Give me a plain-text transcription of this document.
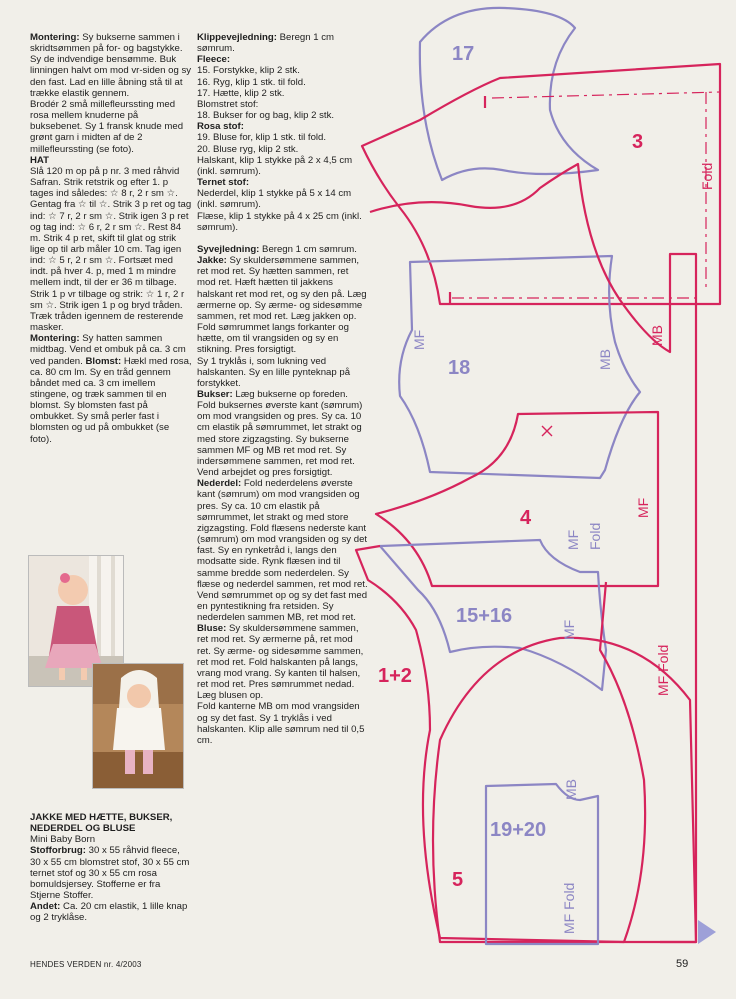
Montering: Sy bukserne sammen i skridtsømmen på for- og bagstykke. Sy de indvendige bensømme. Buk linningen halvt om mod vr-siden og sy den fast. Lad en lille åbning stå til at trække elastik gennem.
Brodér 2 små millefleurssting med rosa mellem knuderne på buksebenet. Sy 1 fransk knude med grønt garn i midten af de 2 millefleurssting (se foto).
HAT
Slå 120 m op på p nr. 3 med råhvid Safran. Strik retstrik og efter 1. p tages ind således: ☆ 8 r, 2 r sm ☆. Gentag fra ☆ til ☆. Strik 3 p ret og tag ind: ☆ 7 r, 2 r sm ☆. Strik igen 3 p ret og tag ind: ☆ 6 r, 2 r sm ☆. Rest 84 m. Strik 4 p ret, skift til glat og strik lige op til arb måler 10 cm. Tag igen ind: ☆ 5 r, 2 r sm ☆. Fortsæt med indt. på hver 4. p, med 1 m mindre mellem indt, til der er 36 m tilbage. Strik 1 p vr tilbage og strik: ☆ 1 r, 2 r sm ☆. Strik igen 1 p og bryd tråden. Træk tråden igennem de resterende masker.
Montering: Sy hatten sammen midtbag. Vend et ombuk på ca. 3 cm ved panden. Blomst: Hækl med rosa, ca. 80 cm lm. Sy en tråd gennem båndet med ca. 3 cm imellem stingene, og træk sammen til en blomst. Sy blomsten fast på ombukket. Sy små perler fast i blomsten og ud på ombukket (se foto).
JAKKE MED HÆTTE, BUKSER, NEDERDEL OG BLUSE
Mini Baby Born
Stofforbrug: 30 x 55 råhvid fleece, 30 x 55 cm blomstret stof, 30 x 55 cm ternet stof og 30 x 55 cm rosa bomuldsjersey. Stofferne er fra Stjerne Stoffer.
Andet: Ca. 20 cm elastik, 1 lille knap og 2 tryklåse.
Klippevejledning: Beregn 1 cm sømrum.
Fleece:
15. Forstykke, klip 2 stk.
16. Ryg, klip 1 stk. til fold.
17. Hætte, klip 2 stk.
Blomstret stof:
18. Bukser for og bag, klip 2 stk.
Rosa stof:
19. Bluse for, klip 1 stk. til fold.
20. Bluse ryg, klip 2 stk.
Halskant, klip 1 stykke på 2 x 4,5 cm (inkl. sømrum).
Ternet stof:
Nederdel, klip 1 stykke på 5 x 14 cm (inkl. sømrum).
Flæse, klip 1 stykke på 4 x 25 cm (inkl. sømrum).

Syvejledning: Beregn 1 cm sømrum.
Jakke: Sy skuldersømmene sammen, ret mod ret. Sy hætten sammen, ret mod ret. Hæft hætten til jakkens halskant ret mod ret, og sy den på. Læg ærmerne op. Sy ærme- og sidesømme sammen, ret mod ret. Læg jakken op. Fold sømrummet langs forkanter og hætte, om til vrangsiden og sy en stikning. Pres forsigtigt.
Sy 1 tryklås i, som lukning ved halskanten. Sy en lille pynteknap på forstykket.
Bukser: Læg bukserne op foreden. Fold buksernes øverste kant (sømrum) om mod vrangsiden og pres. Sy ca. 10 cm elastik på sømrummet, let strakt og med store zigzagsting. Sy bukserne sammen MF og MB ret mod ret. Sy indersømmene sammen, ret mod ret. Vend arbejdet og pres forsigtigt.
Nederdel: Fold nederdelens øverste kant (sømrum) om mod vrangsiden og pres. Sy ca. 10 cm elastik på sømrummet, let strakt og med store zigzagsting. Fold flæsens nederste kant (sømrum) om mod vrangsiden og sy det fast. Sy en rynketråd i, langs den modsatte side. Rynk flæsen ind til samme bredde som nederdelen. Sy flæse og nederdel sammen, ret mod ret. Vend sømrummet op og sy det fast med en pyntestikning fra retsiden. Sy nederdelen sammen MB, ret mod ret.
Bluse: Sy skuldersømmene sammen, ret mod ret. Sy ærmerne på, ret mod ret. Sy ærme- og sidesømme sammen, ret mod ret. Fold halskanten på langs, vrang mod vrang. Sy kanten til halsen, ret mod ret. Pres sømrummet nedad. Læg blusen op.
Fold kanterne MB om mod vrangsiden og sy det fast. Sy 1 tryklås i ved halskanten. Klip alle sømrum ned til 0,5 cm.
17
3
18
4
15+16
1+2
19+20
5
Fold
MB
MF
MB
MF Fold
MF
MF
MF Fold
MB
MF Fold
HENDES VERDEN nr. 4/2003	59
